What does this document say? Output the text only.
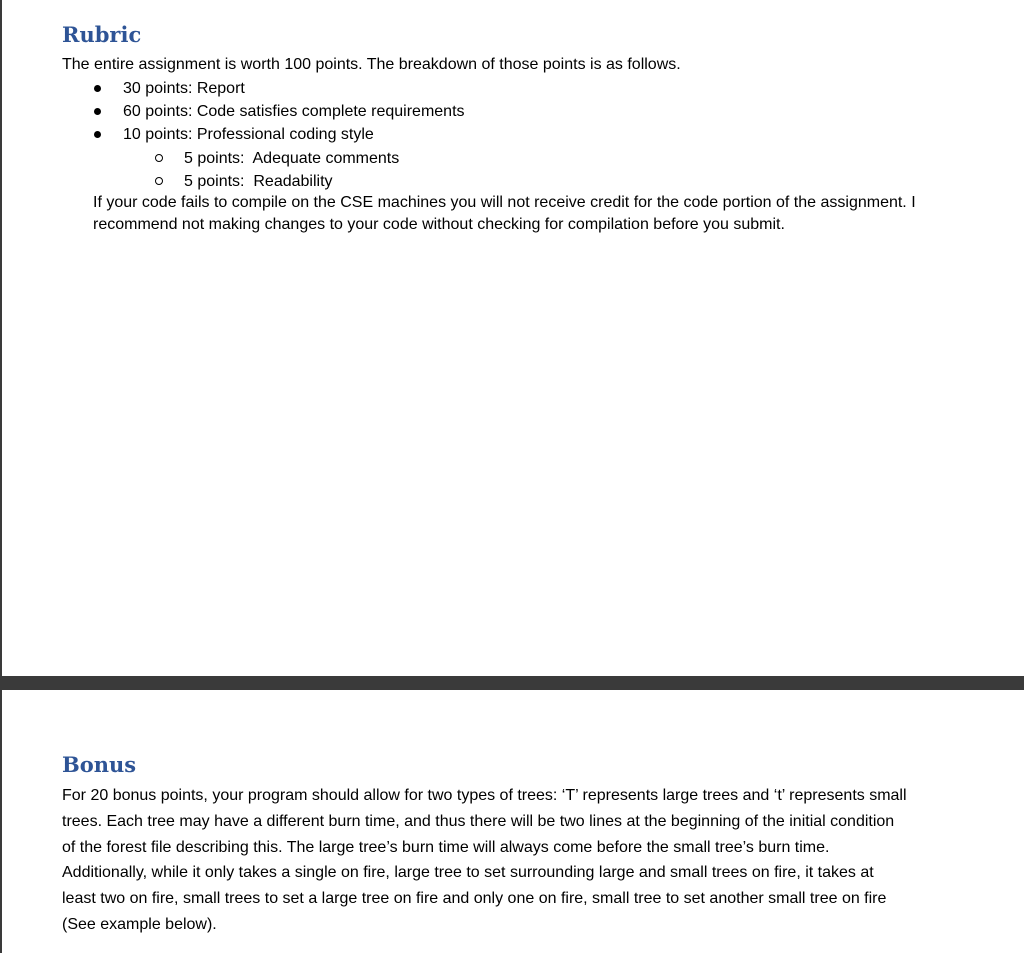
Rubric

The entire assignment is worth 100 points. The breakdown of those points is as follows.

30 points: Report
60 points: Code satisfies complete requirements
10 points: Professional coding style
5 points:  Adequate comments
5 points:  Readability

If your code fails to compile on the CSE machines you will not receive credit for the code portion of the assignment. I

recommend not making changes to your code without checking for compilation before you submit.

Bonus

For 20 bonus points, your program should allow for two types of trees: ‘T’ represents large trees and ‘t’ represents small

trees. Each tree may have a different burn time, and thus there will be two lines at the beginning of the initial condition

of the forest file describing this. The large tree’s burn time will always come before the small tree’s burn time.

Additionally, while it only takes a single on fire, large tree to set surrounding large and small trees on fire, it takes at

least two on fire, small trees to set a large tree on fire and only one on fire, small tree to set another small tree on fire

(See example below).
